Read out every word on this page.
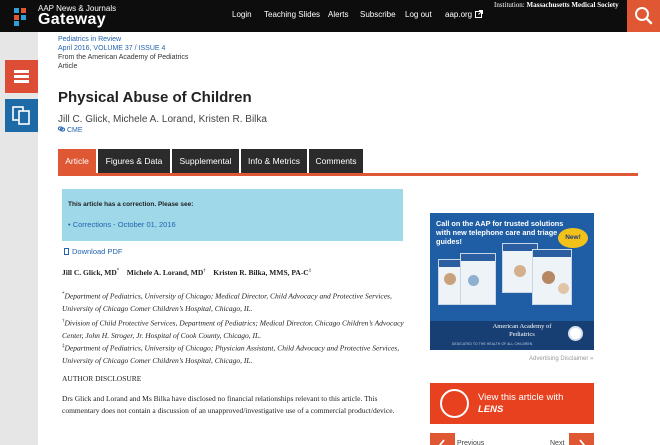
AAP News & Journals
Gateway	Login Teaching Slides Alerts Subscribe Log out aap.org
Institution: Massachusetts Medical Society
Pediatrics in Review
April 2016, VOLUME 37 / ISSUE 4
From the American Academy of Pediatrics
Article
Physical Abuse of Children
Jill C. Glick, Michele A. Lorand, Kristen R. Bilka
CME
Article	Figures & Data	Supplemental	Info & Metrics	Comments
This article has a correction. Please see:
• Corrections - October 01, 2016
Download PDF
Jill C. Glick, MD* Michele A. Lorand, MD† Kristen R. Bilka, MMS, PA-C‡
*Department of Pediatrics, University of Chicago; Medical Director, Child Advocacy and Protective Services, University of Chicago Comer Children’s Hospital, Chicago, IL.
†Division of Child Protective Services, Department of Pediatrics; Medical Director, Chicago Children’s Advocacy Center, John H. Stroger, Jr. Hospital of Cook County, Chicago, IL.
‡Department of Pediatrics, University of Chicago; Physician Assistant, Child Advocacy and Protective Services, University of Chicago Comer Children’s Hospital, Chicago, IL.
AUTHOR DISCLOSURE
Drs Glick and Lorand and Ms Bilka have disclosed no financial relationships relevant to this article. This commentary does not contain a discussion of an unapproved/investigative use of a commercial product/device.
Call on the AAP for trusted solutions with new telephone care and triage guides!	New!
American Academy of Pediatrics
DEDICATED TO THE HEALTH OF ALL CHILDREN
Advertising Disclaimer »
View this article with
LENS
Previous	Next
